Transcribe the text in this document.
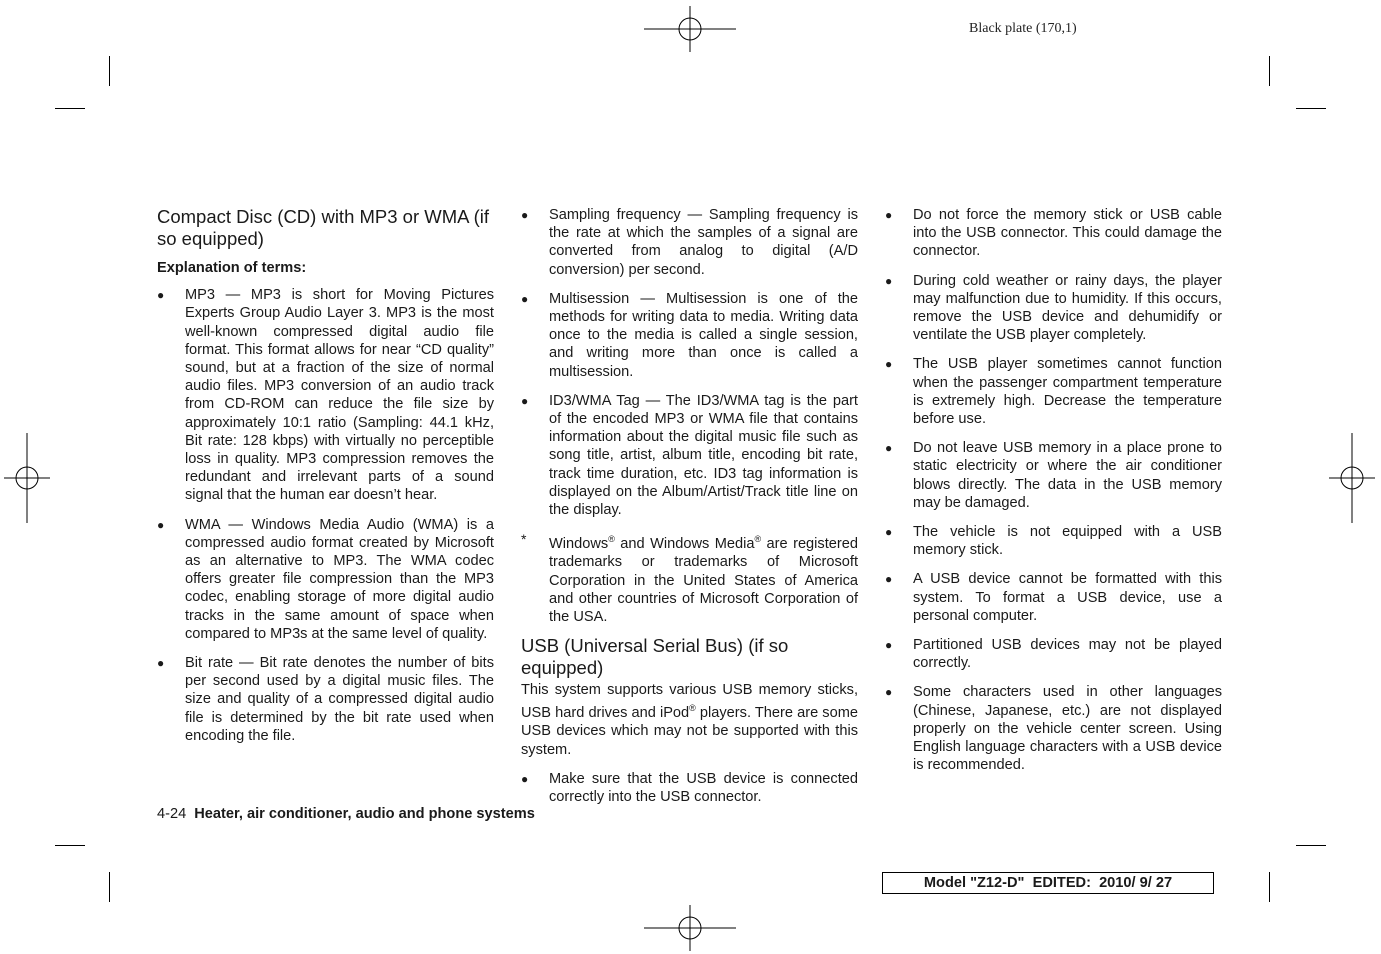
Black plate (170,1)
Compact Disc (CD) with MP3 or WMA (if so equipped)
Explanation of terms:
●	MP3 — MP3 is short for Moving Pictures Experts Group Audio Layer 3. MP3 is the most well-known compressed digital audio file format. This format allows for near “CD quality” sound, but at a fraction of the size of normal audio files. MP3 conversion of an audio track from CD-ROM can reduce the file size by approximately 10:1 ratio (Sampling: 44.1 kHz, Bit rate: 128 kbps) with virtually no perceptible loss in quality. MP3 compression removes the redundant and irrelevant parts of a sound signal that the human ear doesn’t hear.
●	WMA — Windows Media Audio (WMA) is a compressed audio format created by Microsoft as an alternative to MP3. The WMA codec offers greater file compression than the MP3 codec, enabling storage of more digital audio tracks in the same amount of space when compared to MP3s at the same level of quality.
●	Bit rate — Bit rate denotes the number of bits per second used by a digital music files. The size and quality of a compressed digital audio file is determined by the bit rate used when encoding the file.
●	Sampling frequency — Sampling frequency is the rate at which the samples of a signal are converted from analog to digital (A/D conversion) per second.
●	Multisession — Multisession is one of the methods for writing data to media. Writing data once to the media is called a single session, and writing more than once is called a multisession.
●	ID3/WMA Tag — The ID3/WMA tag is the part of the encoded MP3 or WMA file that contains information about the digital music file such as song title, artist, album title, encoding bit rate, track time duration, etc. ID3 tag information is displayed on the Album/Artist/Track title line on the display.
* Windows® and Windows Media® are registered trademarks or trademarks of Microsoft Corporation in the United States of America and other countries of Microsoft Corporation of the USA.
USB (Universal Serial Bus) (if so equipped)

This system supports various USB memory sticks, USB hard drives and iPod® players. There are some USB devices which may not be supported with this system.

●	Make sure that the USB device is connected correctly into the USB connector.
●	Do not force the memory stick or USB cable into the USB connector. This could damage the connector.
●	During cold weather or rainy days, the player may malfunction due to humidity. If this occurs, remove the USB device and dehumidify or ventilate the USB player completely.
●	The USB player sometimes cannot function when the passenger compartment temperature is extremely high. Decrease the temperature before use.
●	Do not leave USB memory in a place prone to static electricity or where the air conditioner blows directly. The data in the USB memory may be damaged.
●	The vehicle is not equipped with a USB memory stick.
●	A USB device cannot be formatted with this system. To format a USB device, use a personal computer.
●	Partitioned USB devices may not be played correctly.
●	Some characters used in other languages (Chinese, Japanese, etc.) are not displayed properly on the vehicle center screen. Using English language characters with a USB device is recommended.
4-24 Heater, air conditioner, audio and phone systems
Model "Z12-D"  EDITED:  2010/ 9/ 27
